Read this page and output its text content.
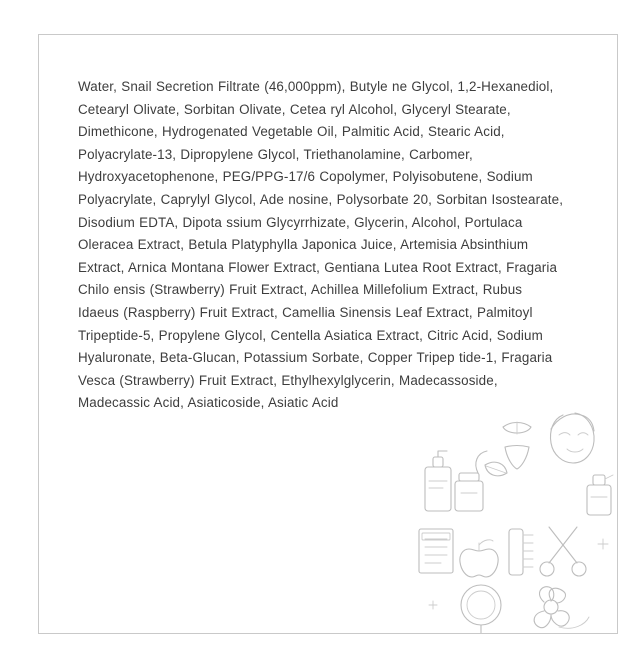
Water, Snail Secretion Filtrate (46,000ppm), Butyle ne Glycol, 1,2-Hexanediol, Cetearyl Olivate, Sorbitan Olivate, Cetea ryl Alcohol, Glyceryl Stearate, Dimethicone, Hydrogenated Vegetable Oil, Palmitic Acid, Stearic Acid, Polyacrylate-13, Dipropylene Glycol, Triethanolamine, Carbomer, Hydroxyacetophenone, PEG/PPG-17/6 Copolymer, Polyisobutene, Sodium Polyacrylate, Caprylyl Glycol, Ade nosine, Polysorbate 20, Sorbitan Isostearate, Disodium EDTA, Dipota ssium Glycyrrhizate, Glycerin, Alcohol, Portulaca Oleracea Extract, Betula Platyphylla Japonica Juice, Artemisia Absinthium Extract, Arnica Montana Flower Extract, Gentiana Lutea Root Extract, Fragaria Chilo ensis (Strawberry) Fruit Extract, Achillea Millefolium Extract, Rubus Idaeus (Raspberry) Fruit Extract, Camellia Sinensis Leaf Extract, Palmitoyl Tripeptide-5, Propylene Glycol, Centella Asiatica Extract, Citric Acid, Sodium Hyaluronate, Beta-Glucan, Potassium Sorbate, Copper Tripep tide-1, Fragaria Vesca (Strawberry) Fruit Extract, Ethylhexylglycerin, Madecassoside, Madecassic Acid, Asiaticoside, Asiatic Acid
